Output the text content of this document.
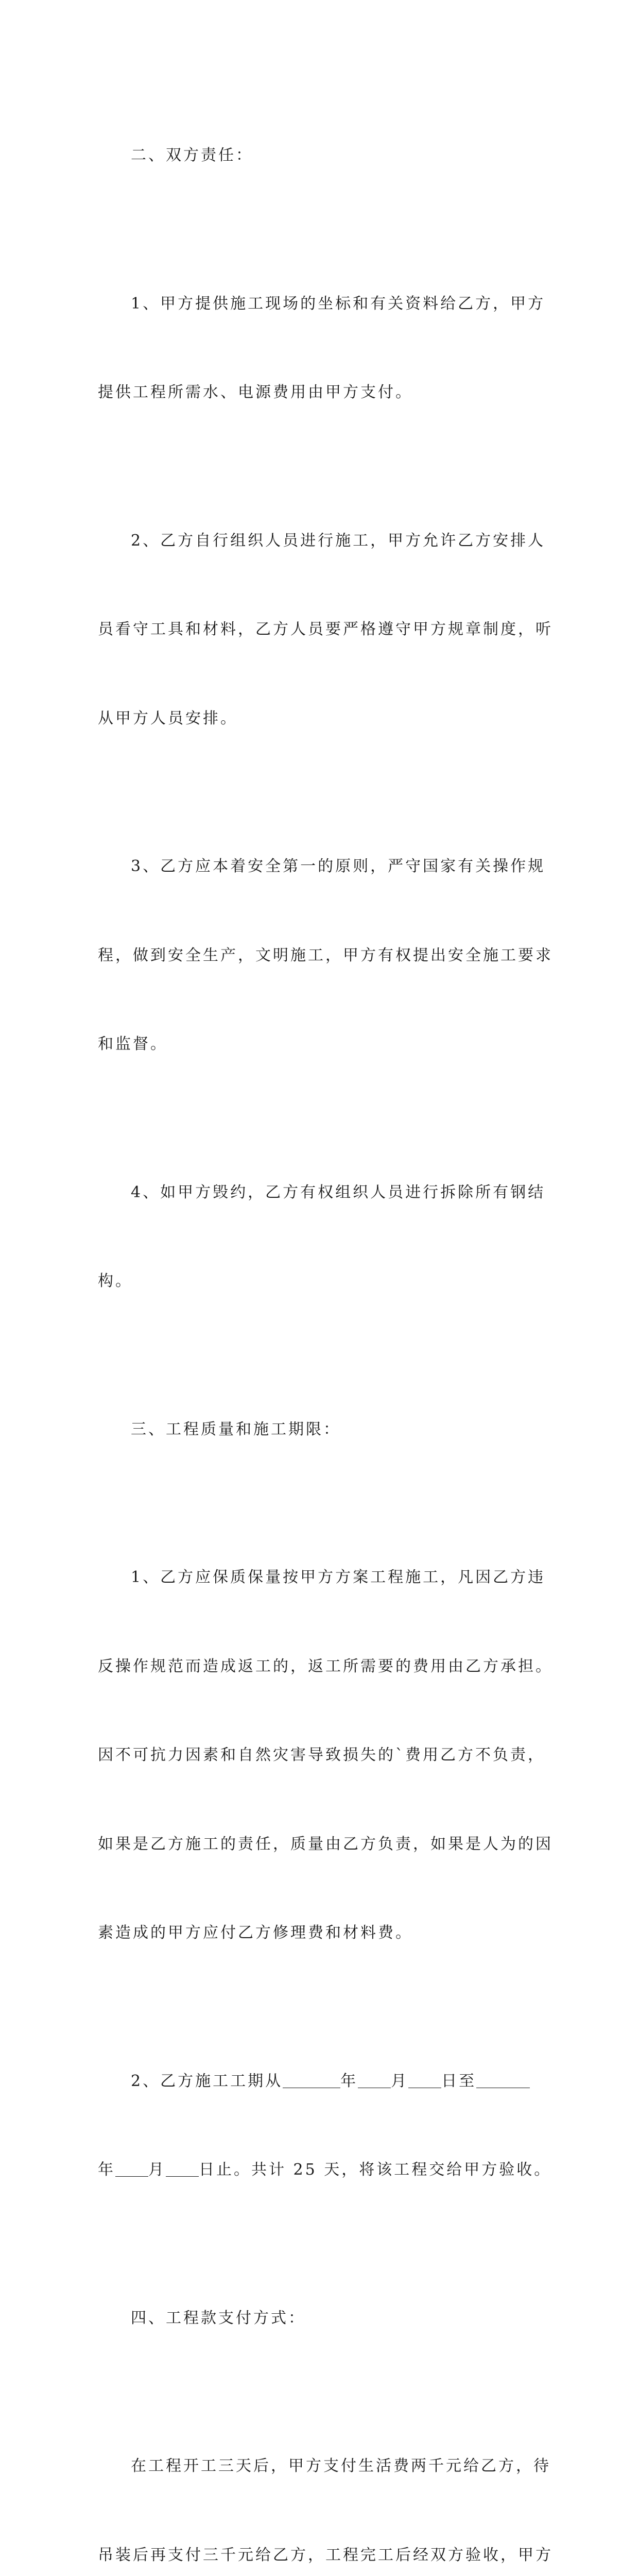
二、双方责任：

1、甲方提供施工现场的坐标和有关资料给乙方，甲方

提供工程所需水、电源费用由甲方支付。

2、乙方自行组织人员进行施工，甲方允许乙方安排人

员看守工具和材料，乙方人员要严格遵守甲方规章制度，听

从甲方人员安排。

3、乙方应本着安全第一的原则，严守国家有关操作规

程，做到安全生产，文明施工，甲方有权提出安全施工要求

和监督。

4、如甲方毁约，乙方有权组织人员进行拆除所有钢结

构。

三、工程质量和施工期限：

1、乙方应保质保量按甲方方案工程施工，凡因乙方违

反操作规范而造成返工的，返工所需要的费用由乙方承担。

因不可抗力因素和自然灾害导致损失的`费用乙方不负责，

如果是乙方施工的责任，质量由乙方负责，如果是人为的因

素造成的甲方应付乙方修理费和材料费。

2、乙方施工工期从	年 月 日至

年 月 日止。共计 25 天，将该工程交给甲方验收。

四、工程款支付方式：

在工程开工三天后，甲方支付生活费两千元给乙方，待

吊装后再支付三千元给乙方，工程完工后经双方验收，甲方
